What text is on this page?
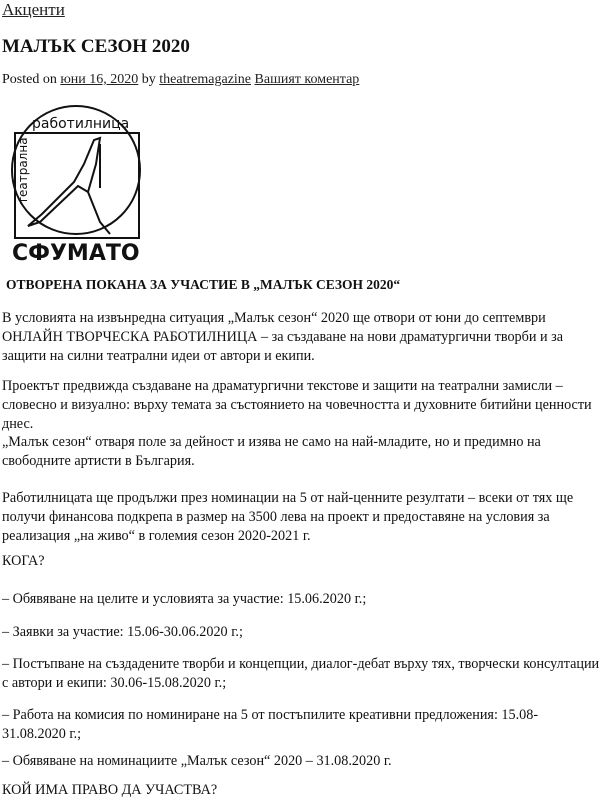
Акценти
МАЛЪК СЕЗОН 2020
Posted on юни 16, 2020 by theatremagazine Вашият коментар
работилница
театрална
СФУМАТО
ОТВОРЕНА ПОКАНА ЗА УЧАСТИЕ В „МАЛЪК СЕЗОН 2020“

В условията на извънредна ситуация „Малък сезон“ 2020 ще отвори от юни до септември ОНЛАЙН ТВОРЧЕСКА РАБОТИЛНИЦА – за създаване на нови драматургични творби и за защити на силни театрални идеи от автори и екипи.

Проектът предвижда създаване на драматургични текстове и защити на театрални замисли – словесно и визуално: върху темата за състоянието на човечността и духовните битийни ценности днес.

„Малък сезон“ отваря поле за дейност и изява не само на най-младите, но и предимно на свободните артисти в България.

Работилницата ще продължи през номинации на 5 от най-ценните резултати – всеки от тях ще получи финансова подкрепа в размер на 3500 лева на проект и предоставяне на условия за реализация „на живо“ в големия сезон 2020-2021 г.

КОГА?

– Обявяване на целите и условията за участие: 15.06.2020 г.;

– Заявки за участие: 15.06-30.06.2020 г.;

– Постъпване на създадените творби и концепции, диалог-дебат върху тях, творчески консултации с автори и екипи: 30.06-15.08.2020 г.;

– Работа на комисия по номиниране на 5 от постъпилите креативни предложения: 15.08-31.08.2020 г.;

– Обявяване на номинациите „Малък сезон“ 2020 – 31.08.2020 г.

КОЙ ИМА ПРАВО ДА УЧАСТВА?
